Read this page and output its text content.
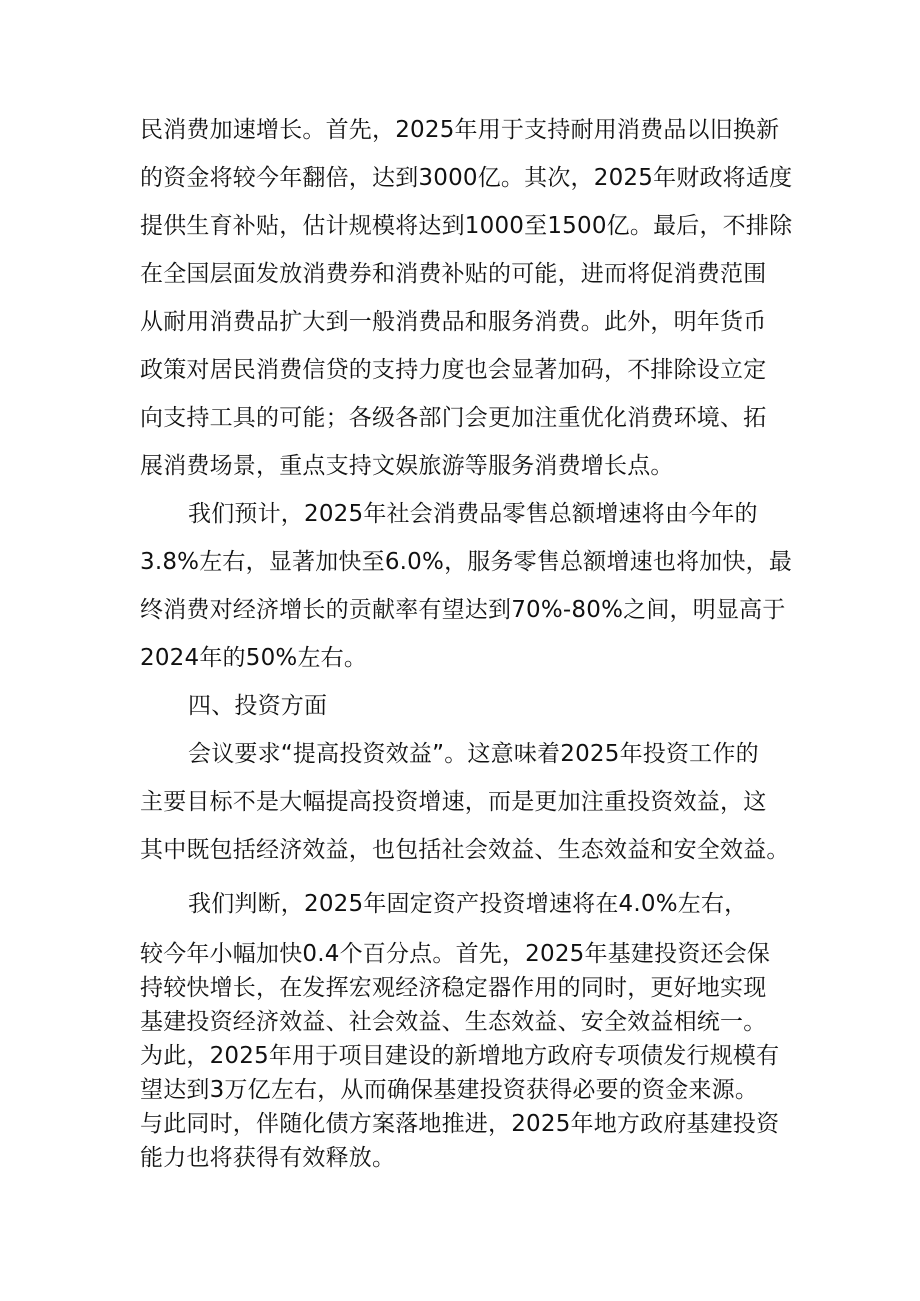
民消费加速增长。首先，2025年用于支持耐用消费品以旧换新

的资金将较今年翻倍，达到3000亿。其次，2025年财政将适度

提供生育补贴，估计规模将达到1000至1500亿。最后，不排除

在全国层面发放消费券和消费补贴的可能，进而将促消费范围

从耐用消费品扩大到一般消费品和服务消费。此外，明年货币

政策对居民消费信贷的支持力度也会显著加码，不排除设立定

向支持工具的可能；各级各部门会更加注重优化消费环境、拓

展消费场景，重点支持文娱旅游等服务消费增长点。

我们预计，2025年社会消费品零售总额增速将由今年的

3.8%左右，显著加快至6.0%，服务零售总额增速也将加快，最

终消费对经济增长的贡献率有望达到70%-80%之间，明显高于

2024年的50%左右。

四、投资方面

会议要求“提高投资效益”。这意味着2025年投资工作的

主要目标不是大幅提高投资增速，而是更加注重投资效益，这

其中既包括经济效益，也包括社会效益、生态效益和安全效益。

我们判断，2025年固定资产投资增速将在4.0%左右，

较今年小幅加快0.4个百分点。首先，2025年基建投资还会保

持较快增长，在发挥宏观经济稳定器作用的同时，更好地实现

基建投资经济效益、社会效益、生态效益、安全效益相统一。

为此，2025年用于项目建设的新增地方政府专项债发行规模有

望达到3万亿左右，从而确保基建投资获得必要的资金来源。

与此同时，伴随化债方案落地推进，2025年地方政府基建投资

能力也将获得有效释放。
